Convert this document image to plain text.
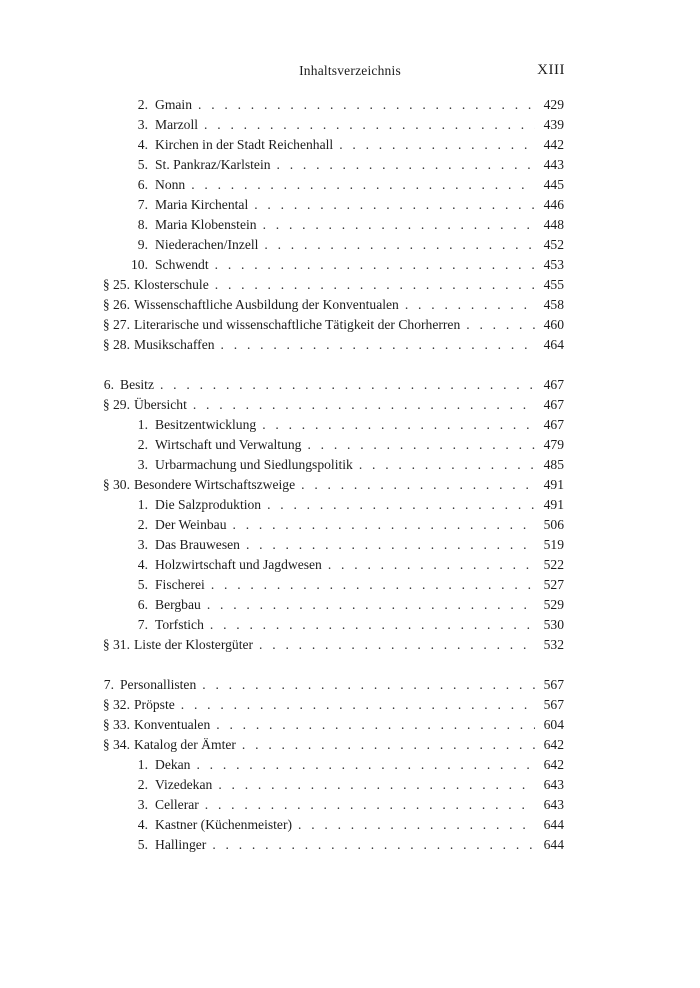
Inhaltsverzeichnis	XIII
2. Gmain . . .	429
3. Marzoll . . .	439
4. Kirchen in der Stadt Reichenhall . . .	442
5. St. Pankraz/Karlstein . . .	443
6. Nonn . . .	445
7. Maria Kirchental . . .	446
8. Maria Klobenstein . . .	448
9. Niederachen/Inzell . . .	452
10. Schwendt . . .	453
§ 25. Klosterschule . . .	455
§ 26. Wissenschaftliche Ausbildung der Konventualen . . .	458
§ 27. Literarische und wissenschaftliche Tätigkeit der Chorherren . . .	460
§ 28. Musikschaffen . . .	464
6. Besitz . . .	467
§ 29. Übersicht . . .	467
1. Besitzentwicklung . . .	467
2. Wirtschaft und Verwaltung . . .	479
3. Urbarmachung und Siedlungspolitik . . .	485
§ 30. Besondere Wirtschaftszweige . . .	491
1. Die Salzproduktion . . .	491
2. Der Weinbau . . .	506
3. Das Brauwesen . . .	519
4. Holzwirtschaft und Jagdwesen . . .	522
5. Fischerei . . .	527
6. Bergbau . . .	529
7. Torfstich . . .	530
§ 31. Liste der Klostergüter . . .	532
7. Personallisten . . .	567
§ 32. Pröpste . . .	567
§ 33. Konventualen . . .	604
§ 34. Katalog der Ämter . . .	642
1. Dekan . . .	642
2. Vizedekan . . .	643
3. Cellerar . . .	643
4. Kastner (Küchenmeister) . . .	644
5. Hallinger . . .	644
